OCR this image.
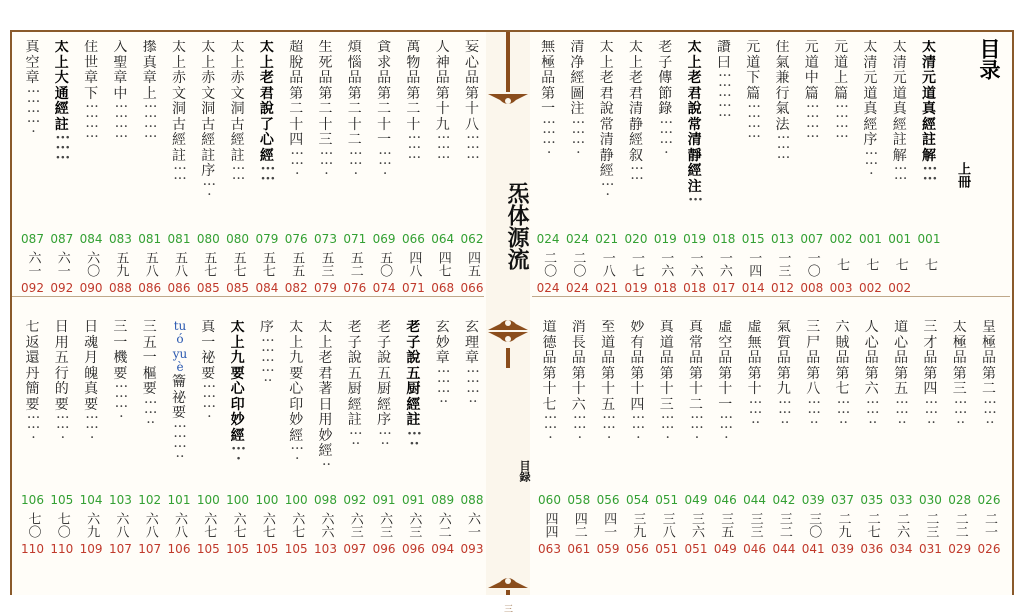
炁体源流
目録
三
目录
上冊
妄心品第十八
·········
062
四五
066
人神品第十九
·········
064
四七
068
萬物品第二十
·········
066
四八
071
貪求品第二十一
·······
069
五〇
074
煩惱品第二十二
·······
071
五二
076
生死品第二十三
·······
073
五三
079
超脫品第二十四
·······
076
五五
082
太上老君說了心經
······
079
五七
084
太上赤文洞古經註
······
080
五七
085
太上赤文洞古經註序
····
080
五七
085
太上赤文洞古經註
······
081
五八
086
撡真章上
············
081
五八
086
入聖章中
············
083
五九
088
住世章下
············
084
六〇
090
太上大通經註
·········
087
六一
092
真空章
·············
087
六一
092
玄理章
···········
088
六一
093
玄妙章
···········
089
六二
094
老子說五厨經註
·····
091
六三
096
老子說五厨經序
·····
091
六三
096
老子說五厨經註
·····
092
六三
097
太上老君著日用妙經
··
098
六六
103
太上九要心印妙經
····
100
六七
105
序
··············
100
六七
105
太上九要心印妙經
····
100
六七
105
真一祕要
··········
100
六七
105
tuóyuè籥祕要
···········
101
六八
106
三五一樞要
········
102
六八
107
三一機要
··········
103
六八
107
日魂月魄真要
·······
104
六九
109
日用五行的要
·······
105
七〇
110
七返還丹簡要
·······
106
七〇
110
太清元道真經註解
······
001
七
太清元道真經註解
······
001
七
002
太清元道真經序
·······
001
七
002
元道上篇
············
002
七
003
元道中篇
············
007
一〇
008
住氣兼行氣法
·········
013
一三
012
元道下篇
············
015
一四
014
讚曰
···············
018
一六
017
太上老君說常清靜經注
···
019
一六
018
老子傳節錄
··········
019
一六
018
太上老君清静經叙
······
020
一七
019
太上老君說常清静經
····
021
一八
021
清净經圖注
··········
024
二〇
024
無極品第一
··········
024
二〇
024
皇極品第二
········
026
二一
026
太極品第三
········
028
二二
029
三才品第四
········
030
二三
031
道心品第五
········
033
二六
034
人心品第六
········
035
二七
036
六賊品第七
········
037
二九
039
三尸品第八
········
039
三〇
041
氣質品第九
········
042
三二
044
虛無品第十
········
044
三三
046
虛空品第十一
·······
046
三五
049
真常品第十二
·······
049
三六
051
真道品第十三
·······
051
三八
051
妙有品第十四
·······
054
三九
056
至道品第十五
·······
056
四一
059
消長品第十六
·······
058
四二
061
道德品第十七
·······
060
四四
063
